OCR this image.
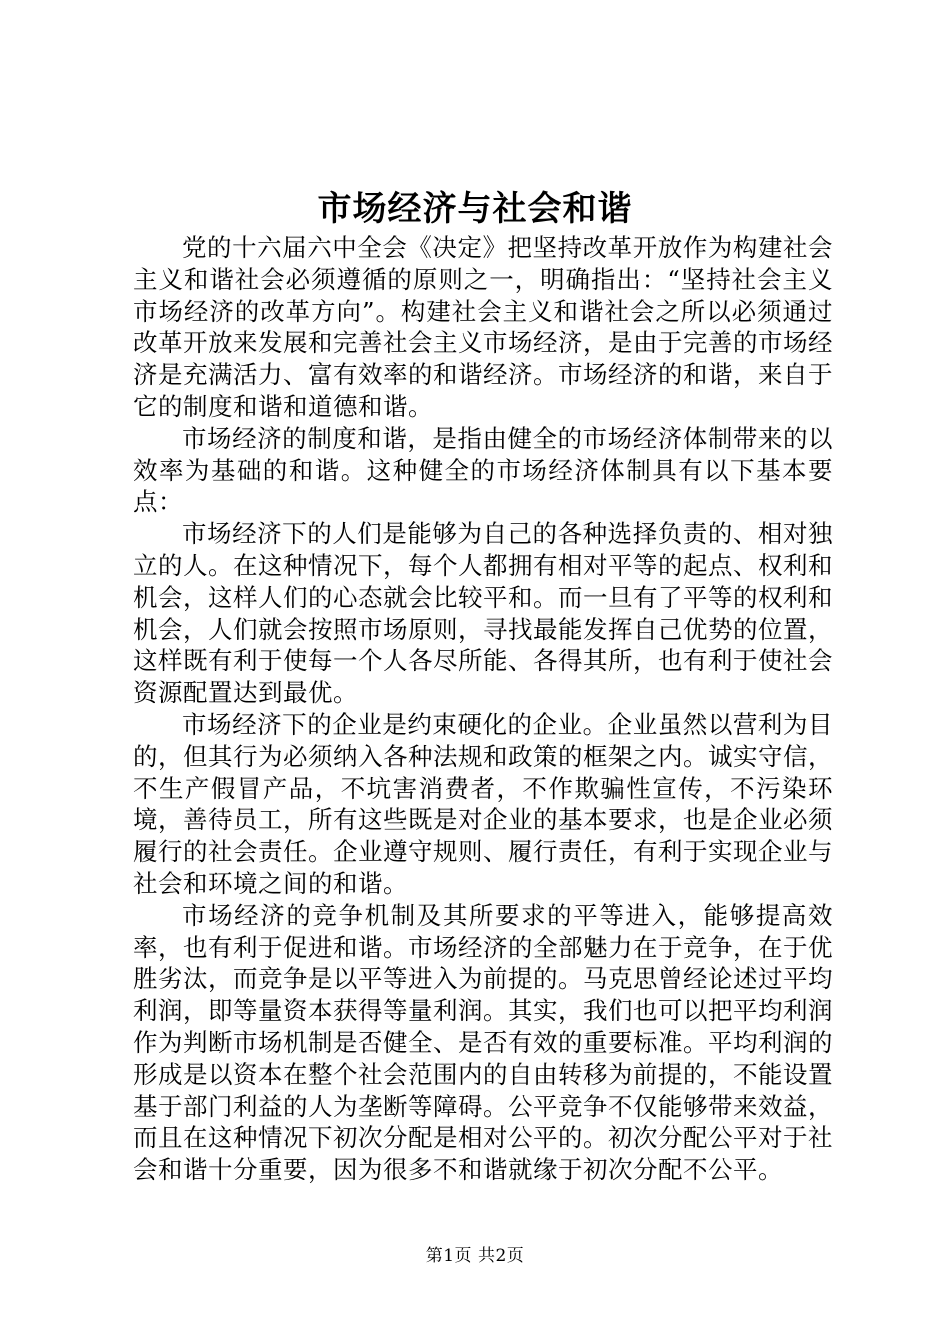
市场经济与社会和谐

党的十六届六中全会《决定》把坚持改革开放作为构建社会主义和谐社会必须遵循的原则之一，明确指出：“坚持社会主义市场经济的改革方向”。构建社会主义和谐社会之所以必须通过改革开放来发展和完善社会主义市场经济，是由于完善的市场经济是充满活力、富有效率的和谐经济。市场经济的和谐，来自于它的制度和谐和道德和谐。

市场经济的制度和谐，是指由健全的市场经济体制带来的以效率为基础的和谐。这种健全的市场经济体制具有以下基本要点：

市场经济下的人们是能够为自己的各种选择负责的、相对独立的人。在这种情况下，每个人都拥有相对平等的起点、权利和机会，这样人们的心态就会比较平和。而一旦有了平等的权利和机会，人们就会按照市场原则，寻找最能发挥自己优势的位置，这样既有利于使每一个人各尽所能、各得其所，也有利于使社会资源配置达到最优。

市场经济下的企业是约束硬化的企业。企业虽然以营利为目的，但其行为必须纳入各种法规和政策的框架之内。诚实守信，不生产假冒产品，不坑害消费者，不作欺骗性宣传，不污染环境，善待员工，所有这些既是对企业的基本要求，也是企业必须履行的社会责任。企业遵守规则、履行责任，有利于实现企业与社会和环境之间的和谐。

市场经济的竞争机制及其所要求的平等进入，能够提高效率，也有利于促进和谐。市场经济的全部魅力在于竞争，在于优胜劣汰，而竞争是以平等进入为前提的。马克思曾经论述过平均利润，即等量资本获得等量利润。其实，我们也可以把平均利润作为判断市场机制是否健全、是否有效的重要标准。平均利润的形成是以资本在整个社会范围内的自由转移为前提的，不能设置基于部门利益的人为垄断等障碍。公平竞争不仅能够带来效益，而且在这种情况下初次分配是相对公平的。初次分配公平对于社会和谐十分重要，因为很多不和谐就缘于初次分配不公平。

第1页 共2页
